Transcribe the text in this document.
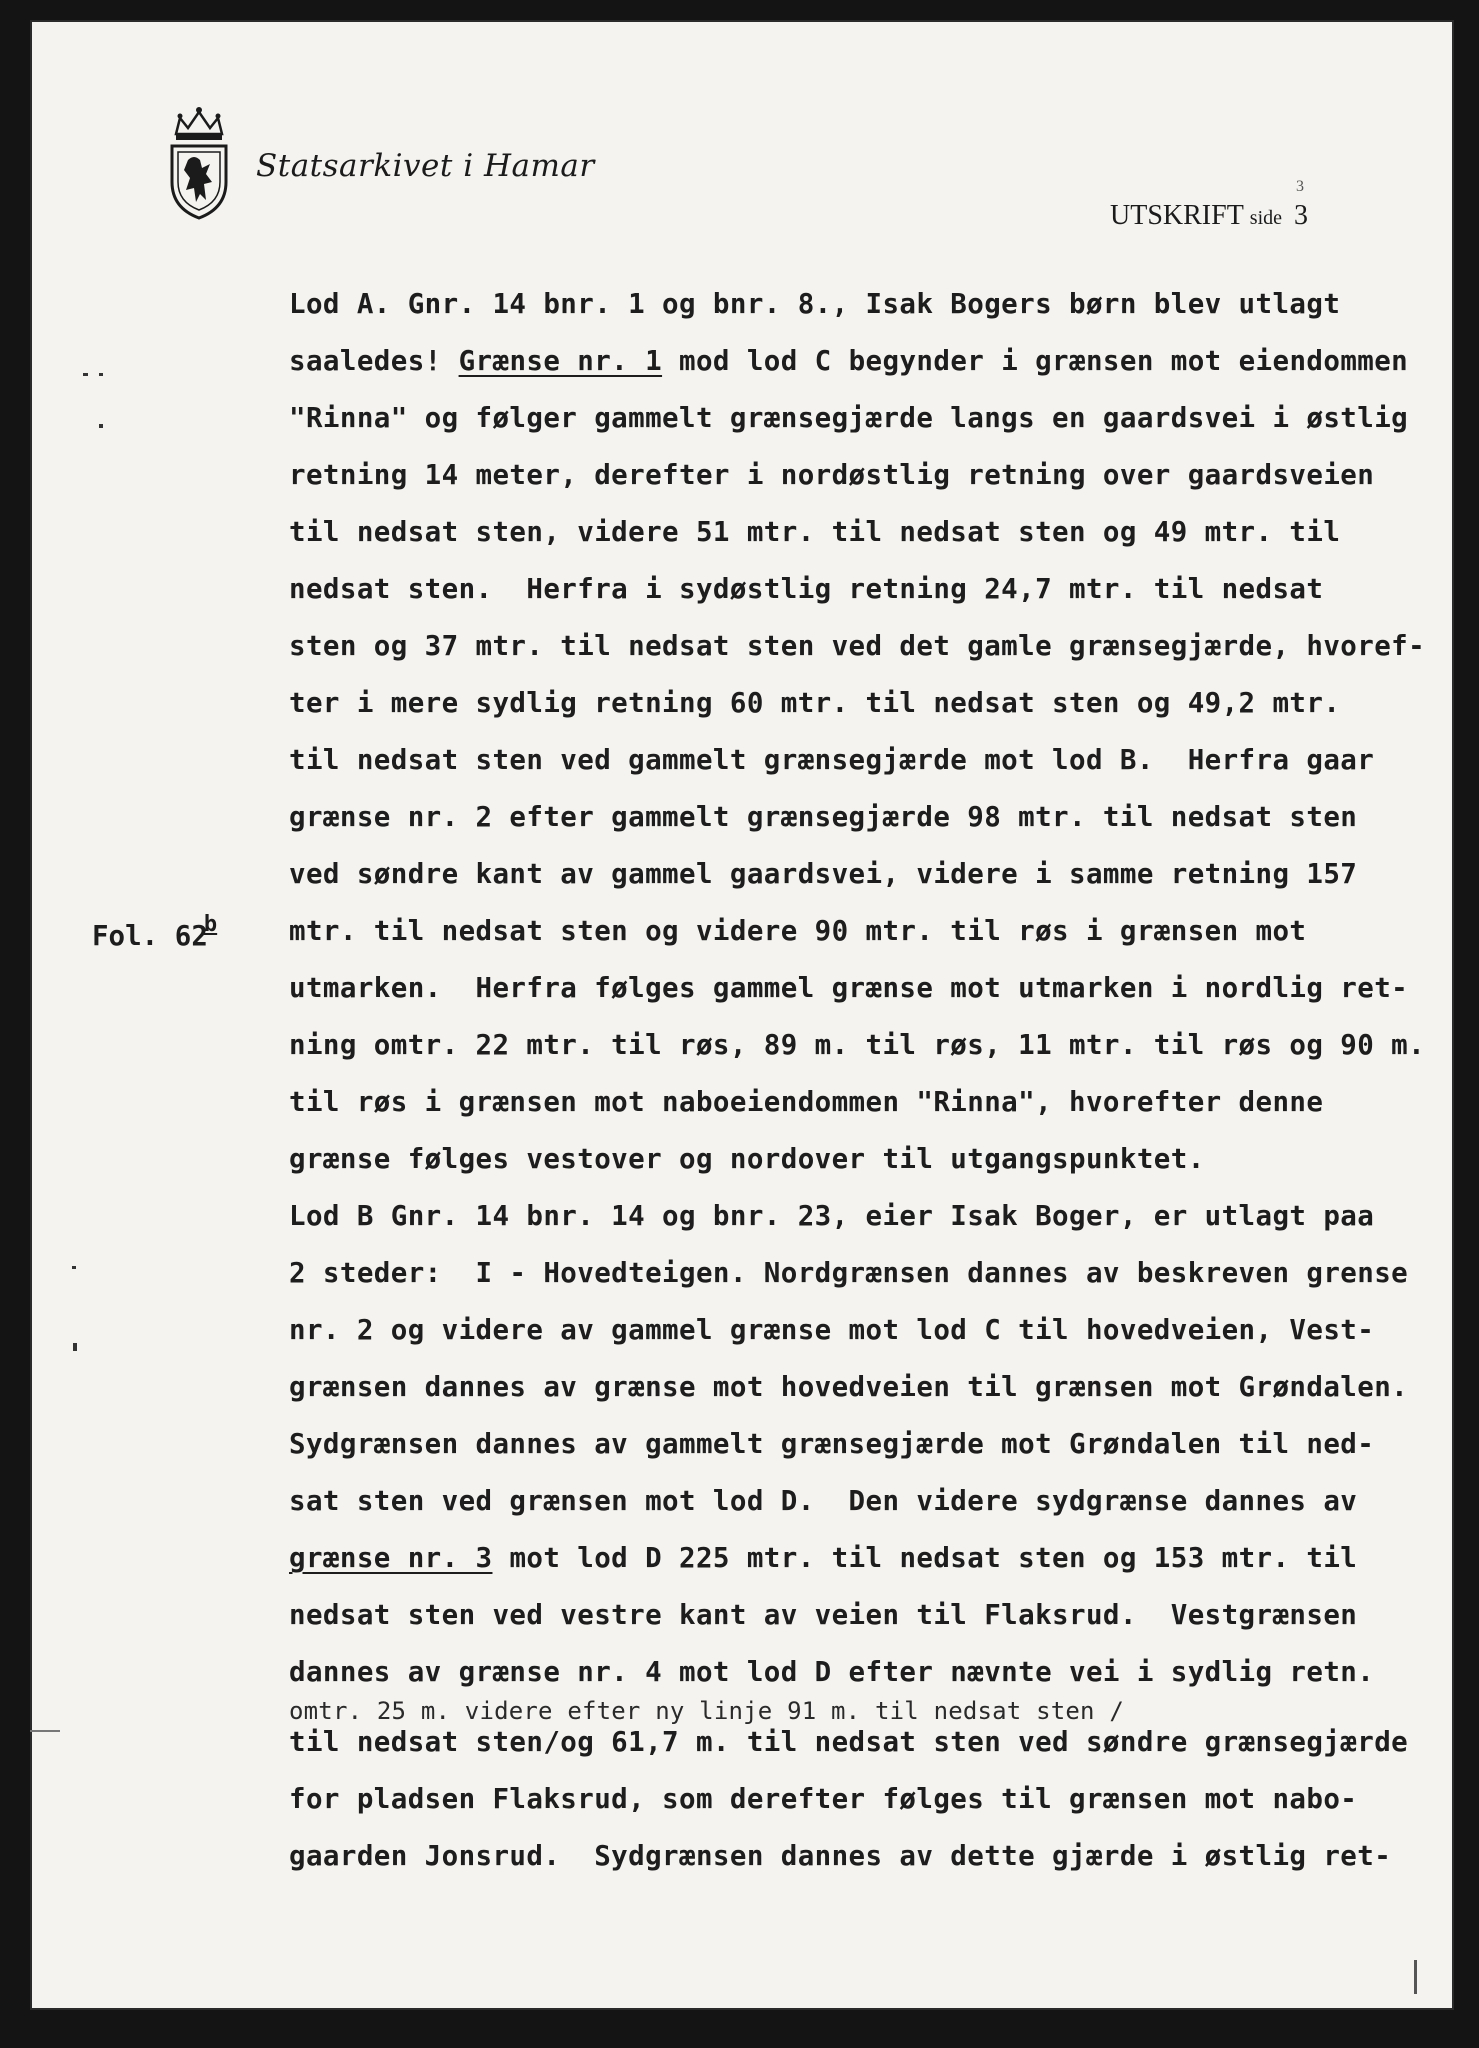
Statsarkivet i Hamar
UTSKRIFT side 3
3
Fol. 62$^b$
Lod A. Gnr. 14 bnr. 1 og bnr. 8., Isak Bogers børn blev utlagt
saaledes! Grænse nr. 1 mod lod C begynder i grænsen mot eiendommen
"Rinna" og følger gammelt grænsegjærde langs en gaardsvei i østlig
retning 14 meter, derefter i nordøstlig retning over gaardsveien
til nedsat sten, videre 51 mtr. til nedsat sten og 49 mtr. til
nedsat sten.  Herfra i sydøstlig retning 24,7 mtr. til nedsat
sten og 37 mtr. til nedsat sten ved det gamle grænsegjærde, hvoref-
ter i mere sydlig retning 60 mtr. til nedsat sten og 49,2 mtr.
til nedsat sten ved gammelt grænsegjærde mot lod B.  Herfra gaar
grænse nr. 2 efter gammelt grænsegjærde 98 mtr. til nedsat sten
ved søndre kant av gammel gaardsvei, videre i samme retning 157
mtr. til nedsat sten og videre 90 mtr. til røs i grænsen mot
utmarken.  Herfra følges gammel grænse mot utmarken i nordlig ret-
ning omtr. 22 mtr. til røs, 89 m. til røs, 11 mtr. til røs og 90 m.
til røs i grænsen mot naboeiendommen "Rinna", hvorefter denne
grænse følges vestover og nordover til utgangspunktet.
Lod B Gnr. 14 bnr. 14 og bnr. 23, eier Isak Boger, er utlagt paa
2 steder:  I - Hovedteigen. Nordgrænsen dannes av beskreven grense
nr. 2 og videre av gammel grænse mot lod C til hovedveien, Vest-
grænsen dannes av grænse mot hovedveien til grænsen mot Grøndalen.
Sydgrænsen dannes av gammelt grænsegjærde mot Grøndalen til ned-
sat sten ved grænsen mot lod D.  Den videre sydgrænse dannes av
grænse nr. 3 mot lod D 225 mtr. til nedsat sten og 153 mtr. til
nedsat sten ved vestre kant av veien til Flaksrud.  Vestgrænsen
dannes av grænse nr. 4 mot lod D efter nævnte vei i sydlig retn.
omtr. 25 m. videre efter ny linje 91 m. til nedsat sten /
til nedsat sten/og 61,7 m. til nedsat sten ved søndre grænsegjærde
for pladsen Flaksrud, som derefter følges til grænsen mot nabo-
gaarden Jonsrud.  Sydgrænsen dannes av dette gjærde i østlig ret-
